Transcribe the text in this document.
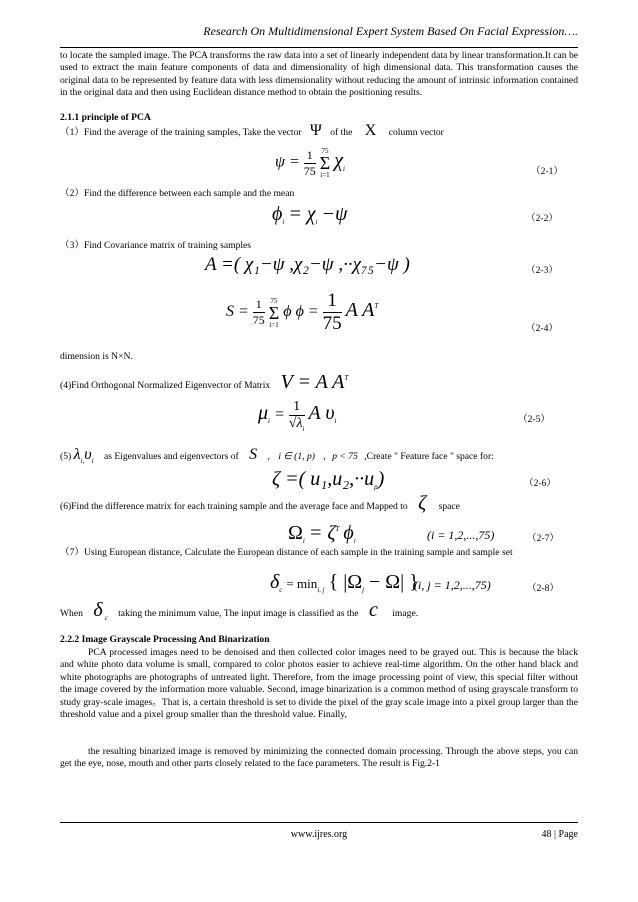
Research On Multidimensional Expert System Based On Facial Expression….
to locate the sampled image. The PCA transforms the raw data into a set of linearly independent data by linear transformation.It can be used to extract the main feature components of data and dimensionality of high dimensional data. This transformation causes the original data to be represented by feature data with less dimensionality without reducing the amount of intrinsic information contained in the original data and then using Euclidean distance method to obtain the positioning results.
2.1.1 principle of PCA
（1）Find the average of the training samples, Take the vector Ψ of the X column vector
$\psi = \frac{1}{75} 75$
Σ
i=1 $\chi_i$	（2-1）
（2）Find the difference between each sample and the mean
$\phi_i = \chi_i -\psi$	（2-2）
（3）Find Covariance matrix of training samples
A =( χ₁−ψ ,χ₂−ψ ,··χ₇₅−ψ )	（2-3）
$S = \frac{1}{75} 75$
Σ
i=1 ϕ $\phi = \frac{1}{75}$ A $A^T$
（2-4）
dimension is N×N.
(4)Find Orthogonal Normalized Eigenvector of Matrix V = A $A^T$
$\mu_i = \frac{1}{√\lambda_i}$ A $\upsilon_i$	（2-5）
(5) $\lambda_{i,}\upsilon_i$ as Eigenvalues and eigenvectors of S , i ∈ (1, p) , p < 75 ,Create " Feature face " space for:
ζ =( $u_1,u_2,\cdot\cdot u_p$)	（2-6）
(6)Find the difference matrix for each training sample and the average face and Mapped to ζ space
$\Omega_i = \zeta^T$ $\phi_i$	(i = 1,2,...,75)	（2-7）
（7）Using European distance, Calculate the European distance of each sample in the training sample and sample set
$\delta_c = \min_{i, j}$ { $|\Omega_j - \Omega|$ }
(i, j = 1,2,...,75)	（2-8）
When δ $_c$ taking the minimum value, The input image is classified as the c image.
2.2.2 Image Grayscale Processing And Binarization
PCA processed images need to be denoised and then collected color images need to be grayed out. This is because the black and white photo data volume is small, compared to color photos easier to achieve real-time algorithm. On the other hand black and white photographs are photographs of untreated light. Therefore, from the image processing point of view, this special filter without the image covered by the information more valuable. Second, image binarization is a common method of using grayscale transform to study gray-scale images。That is, a certain threshold is set to divide the pixel of the gray scale image into a pixel group larger than the threshold value and a pixel group smaller than the threshold value. Finally,
the resulting binarized image is removed by minimizing the connected domain processing. Through the above steps, you can get the eye, nose, mouth and other parts closely related to the face parameters. The result is Fig.2-1
www.ijres.org	48 | Page
